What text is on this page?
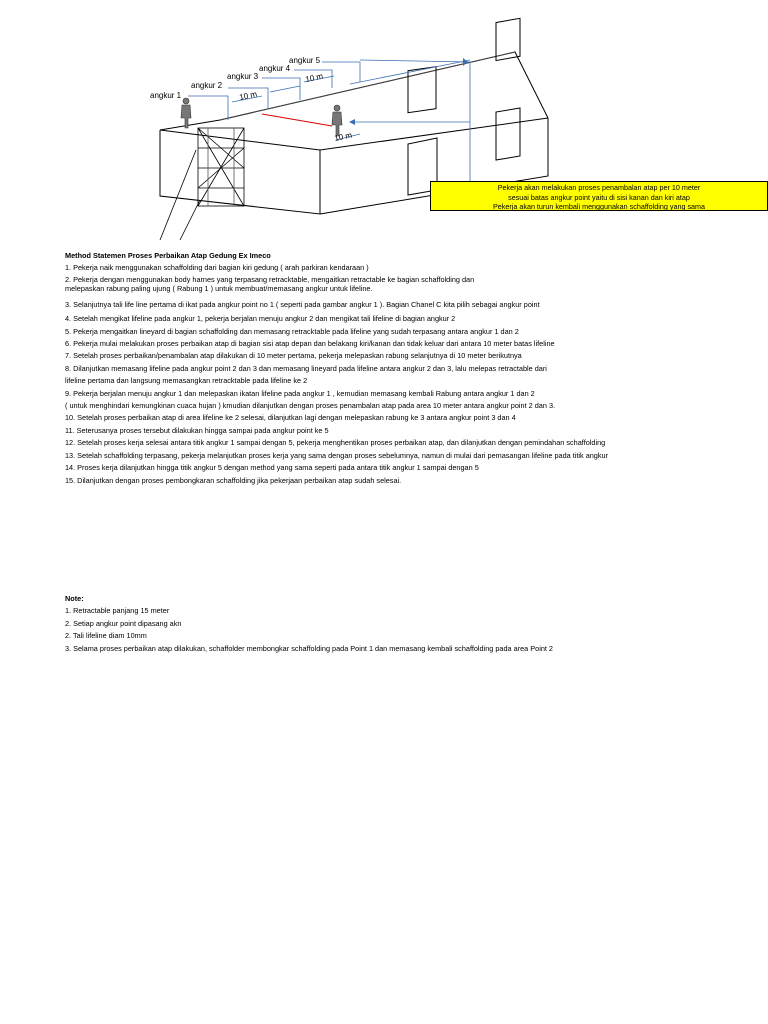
angkur 1
angkur 2
angkur 3
angkur 4
angkur 5
10 m
10 m
10 m
Pekerja akan melakukan proses penambalan atap per 10 meter
sesuai batas angkur point yaitu di sisi kanan dan kiri atap
Pekerja akan turun kembali menggunakan schaffolding yang sama
Method Statemen Proses Perbaikan Atap Gedung Ex Imeco
1. Pekerja naik menggunakan schaffolding dari bagian kiri gedung ( arah parkiran kendaraan )
2. Pekerja dengan menggunakan body harnes yang terpasang retracktable, mengaitkan retractable ke bagian schaffolding dan
melepaskan rabung paling ujung ( Rabung 1 ) untuk membuat/memasang angkur untuk lifeline.
3. Selanjutnya tali life line pertama di ikat pada angkur point no 1 ( seperti pada gambar angkur 1 ). Bagian Chanel C kita pilih sebagai angkur point
4. Setelah mengikat lifeline pada angkur 1, pekerja berjalan menuju angkur 2 dan mengikat tali lifeline di bagian angkur 2
5. Pekerja mengaitkan lineyard di bagian schaffolding dan memasang retracktable pada lifeline yang sudah terpasang antara angkur 1 dan 2
6. Pekerja mulai melakukan proses perbaikan atap di bagian sisi atap depan dan belakang kiri/kanan dan tidak keluar dari antara 10 meter batas lifeline
7. Setelah proses perbaikan/penambalan atap dilakukan di 10 meter pertama, pekerja melepaskan rabung selanjutnya di 10 meter berikutnya
8. Dilanjutkan memasang lifeline pada angkur point 2 dan 3 dan memasang lineyard pada lifeline antara angkur 2 dan 3, lalu melepas retractable dari
lifeline pertama dan langsung memasangkan retracktable pada lifeline ke 2
9. Pekerja berjalan menuju angkur 1 dan melepaskan ikatan lifeline pada angkur 1 , kemudian memasang kembali Rabung antara angkur 1 dan 2
( untuk menghindari kemungkinan cuaca hujan ) kmudian dilanjutkan dengan proses penambalan atap pada area 10 meter antara angkur point 2 dan 3.
10. Setelah proses perbaikan atap di area lifeline ke 2 selesai, dilanjutkan lagi dengan melepaskan rabung ke 3 antara angkur point 3 dan 4
11. Seterusanya proses tersebut dilakukan hingga sampai pada angkur point ke 5
12. Setelah proses kerja selesai antara titik angkur 1 sampai dengan 5, pekerja menghentikan proses perbaikan atap, dan dilanjutkan dengan pemindahan schaffolding
13. Setelah schaffolding terpasang, pekerja melanjutkan proses kerja yang sama dengan proses sebelumnya, namun di mulai dari pemasangan lifeline pada titik angkur
14. Proses kerja dilanjutkan hingga titik angkur 5 dengan method yang sama seperti pada antara titik angkur 1 sampai dengan 5
15. Dilanjutkan dengan proses pembongkaran schaffolding jika pekerjaan perbaikan atap sudah selesai.
Note:
1. Retractable panjang 15 meter
2. Setiap angkur point dipasang akn
2. Tali lifeline diam 10mm
3. Selama proses perbaikan atap dilakukan, schaffolder membongkar schaffolding pada Point 1 dan memasang kembali schaffolding pada area Point 2
